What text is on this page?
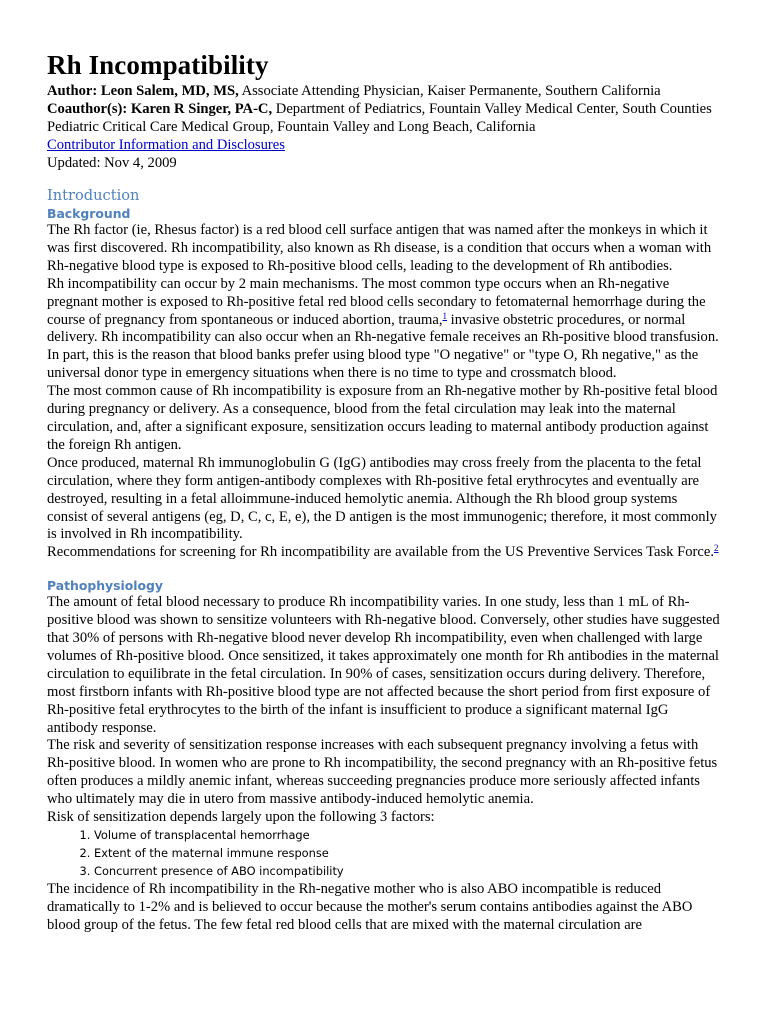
Rh Incompatibility

Author: Leon Salem, MD, MS, Associate Attending Physician, Kaiser Permanente, Southern California

Coauthor(s): Karen R Singer, PA-C, Department of Pediatrics, Fountain Valley Medical Center, South Counties Pediatric Critical Care Medical Group, Fountain Valley and Long Beach, California

Contributor Information and Disclosures

Updated: Nov 4, 2009

Introduction
Background

The Rh factor (ie, Rhesus factor) is a red blood cell surface antigen that was named after the monkeys in which it was first discovered. Rh incompatibility, also known as Rh disease, is a condition that occurs when a woman with Rh-negative blood type is exposed to Rh-positive blood cells, leading to the development of Rh antibodies.

Rh incompatibility can occur by 2 main mechanisms. The most common type occurs when an Rh-negative pregnant mother is exposed to Rh-positive fetal red blood cells secondary to fetomaternal hemorrhage during the course of pregnancy from spontaneous or induced abortion, trauma,$^1$ invasive obstetric procedures, or normal delivery. Rh incompatibility can also occur when an Rh-negative female receives an Rh-positive blood transfusion. In part, this is the reason that blood banks prefer using blood type "O negative" or "type O, Rh negative," as the universal donor type in emergency situations when there is no time to type and crossmatch blood.

The most common cause of Rh incompatibility is exposure from an Rh-negative mother by Rh-positive fetal blood during pregnancy or delivery. As a consequence, blood from the fetal circulation may leak into the maternal circulation, and, after a significant exposure, sensitization occurs leading to maternal antibody production against the foreign Rh antigen.

Once produced, maternal Rh immunoglobulin G (IgG) antibodies may cross freely from the placenta to the fetal circulation, where they form antigen-antibody complexes with Rh-positive fetal erythrocytes and eventually are destroyed, resulting in a fetal alloimmune-induced hemolytic anemia. Although the Rh blood group systems consist of several antigens (eg, D, C, c, E, e), the D antigen is the most immunogenic; therefore, it most commonly is involved in Rh incompatibility.

Recommendations for screening for Rh incompatibility are available from the US Preventive Services Task Force.$^2$

Pathophysiology

The amount of fetal blood necessary to produce Rh incompatibility varies. In one study, less than 1 mL of Rh-positive blood was shown to sensitize volunteers with Rh-negative blood. Conversely, other studies have suggested that 30% of persons with Rh-negative blood never develop Rh incompatibility, even when challenged with large volumes of Rh-positive blood. Once sensitized, it takes approximately one month for Rh antibodies in the maternal circulation to equilibrate in the fetal circulation. In 90% of cases, sensitization occurs during delivery. Therefore, most firstborn infants with Rh-positive blood type are not affected because the short period from first exposure of Rh-positive fetal erythrocytes to the birth of the infant is insufficient to produce a significant maternal IgG antibody response.

The risk and severity of sensitization response increases with each subsequent pregnancy involving a fetus with Rh-positive blood. In women who are prone to Rh incompatibility, the second pregnancy with an Rh-positive fetus often produces a mildly anemic infant, whereas succeeding pregnancies produce more seriously affected infants who ultimately may die in utero from massive antibody-induced hemolytic anemia.

Risk of sensitization depends largely upon the following 3 factors:

1. Volume of transplacental hemorrhage
2. Extent of the maternal immune response
3. Concurrent presence of ABO incompatibility

The incidence of Rh incompatibility in the Rh-negative mother who is also ABO incompatible is reduced dramatically to 1-2% and is believed to occur because the mother's serum contains antibodies against the ABO blood group of the fetus. The few fetal red blood cells that are mixed with the maternal circulation are
